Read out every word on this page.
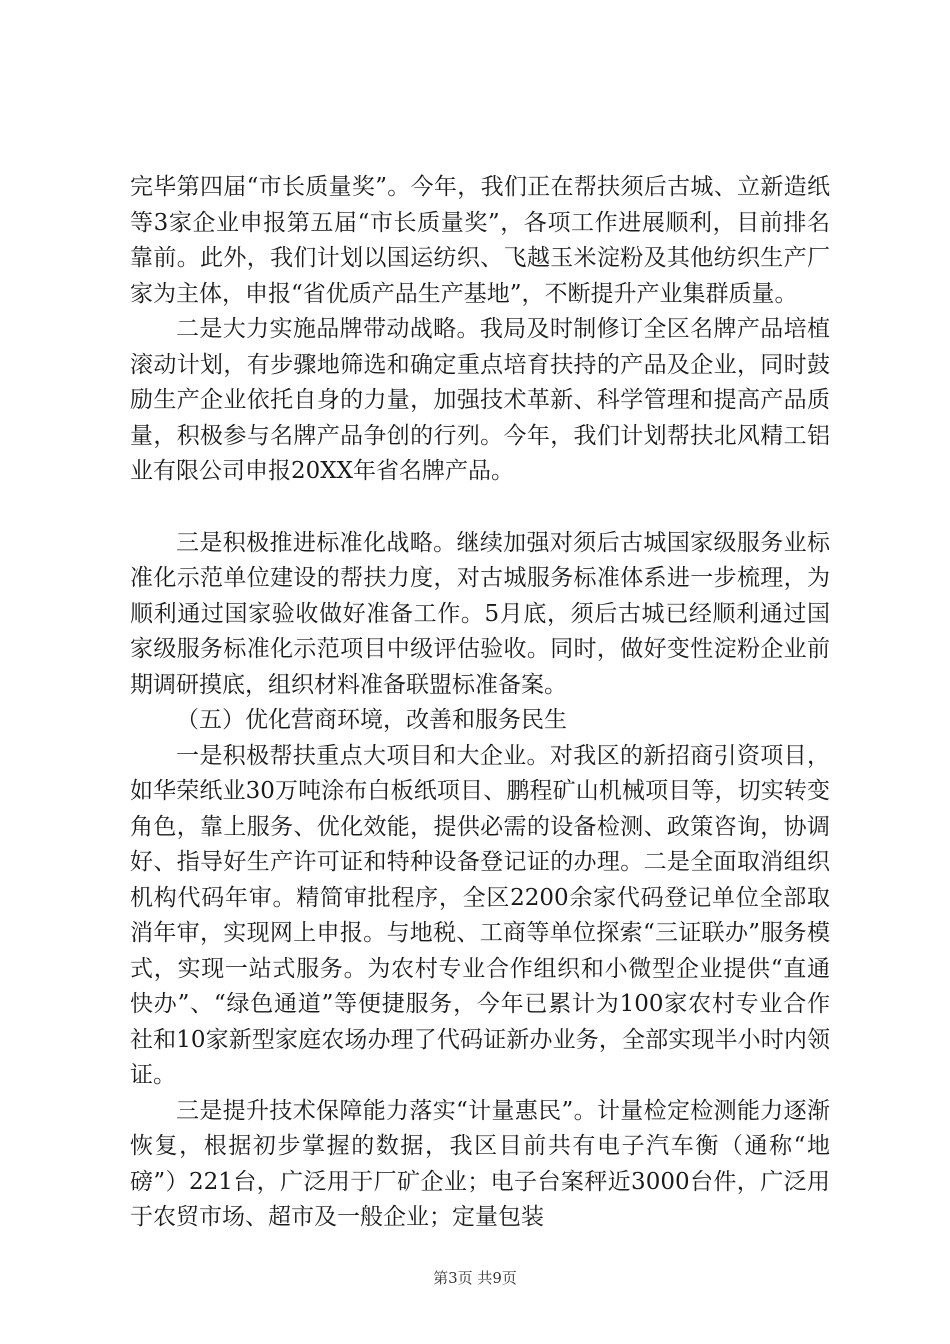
完毕第四届“市长质量奖”。今年，我们正在帮扶须后古城、立新造纸等3家企业申报第五届“市长质量奖”，各项工作进展顺利，目前排名靠前。此外，我们计划以国运纺织、飞越玉米淀粉及其他纺织生产厂家为主体，申报“省优质产品生产基地”，不断提升产业集群质量。

二是大力实施品牌带动战略。我局及时制修订全区名牌产品培植滚动计划，有步骤地筛选和确定重点培育扶持的产品及企业，同时鼓励生产企业依托自身的力量，加强技术革新、科学管理和提高产品质量，积极参与名牌产品争创的行列。今年，我们计划帮扶北风精工铝业有限公司申报20XX年省名牌产品。

三是积极推进标准化战略。继续加强对须后古城国家级服务业标准化示范单位建设的帮扶力度，对古城服务标准体系进一步梳理，为顺利通过国家验收做好准备工作。5月底，须后古城已经顺利通过国家级服务标准化示范项目中级评估验收。同时，做好变性淀粉企业前期调研摸底，组织材料准备联盟标准备案。

（五）优化营商环境，改善和服务民生

一是积极帮扶重点大项目和大企业。对我区的新招商引资项目，如华荣纸业30万吨涂布白板纸项目、鹏程矿山机械项目等，切实转变角色，靠上服务、优化效能，提供必需的设备检测、政策咨询，协调好、指导好生产许可证和特种设备登记证的办理。二是全面取消组织机构代码年审。精简审批程序，全区2200余家代码登记单位全部取消年审，实现网上申报。与地税、工商等单位探索“三证联办”服务模式，实现一站式服务。为农村专业合作组织和小微型企业提供“直通快办”、“绿色通道”等便捷服务，今年已累计为100家农村专业合作社和10家新型家庭农场办理了代码证新办业务，全部实现半小时内领证。

三是提升技术保障能力落实“计量惠民”。计量检定检测能力逐渐恢复，根据初步掌握的数据，我区目前共有电子汽车衡（通称“地磅”）221台，广泛用于厂矿企业；电子台案秤近3000台件，广泛用于农贸市场、超市及一般企业；定量包装

第3页 共9页
